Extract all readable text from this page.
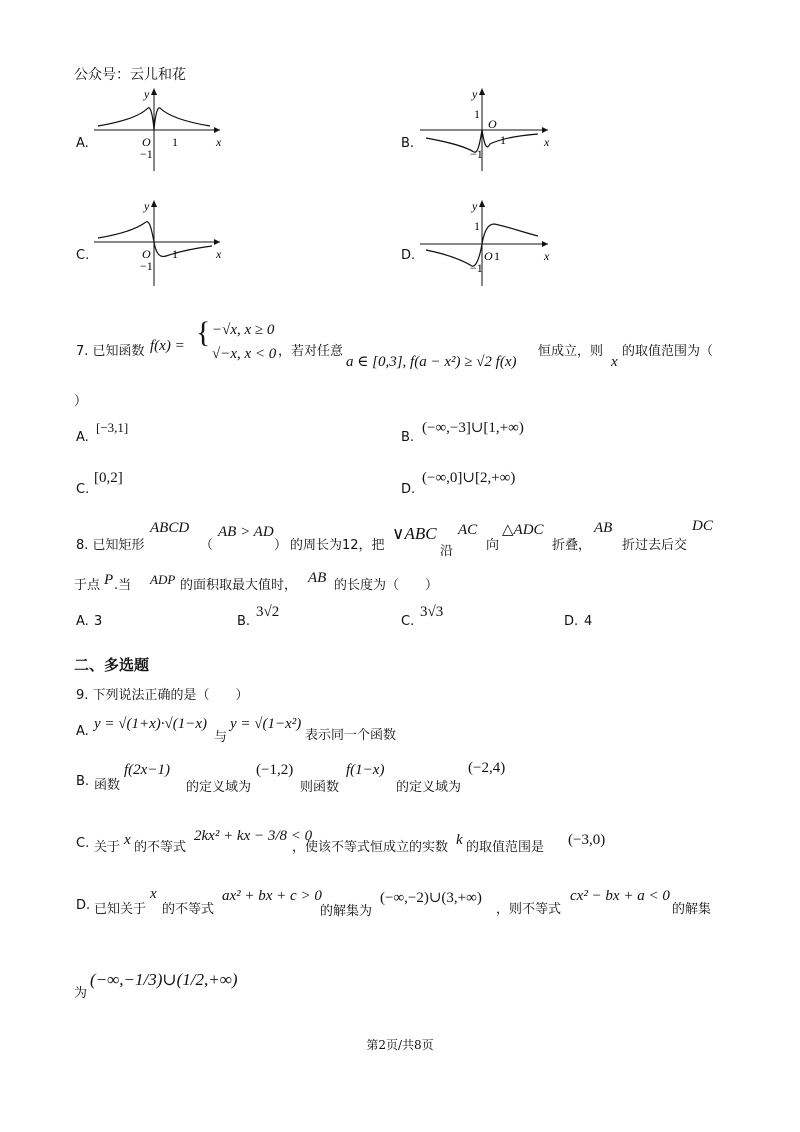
公众号：云儿和花
A.	B.
C.	D.
y
x
O 1
−1
y
x
O
1
1
−1
y
x
O 1
−1
y
x
O 1
1
−1
7. 已知函数 f(x) = { −√x, x ≥ 0
√−x, x < 0 ，若对任意
a ∈ [0,3], f(a − x²) ≥ √2 f(x)
恒成立，则
x
的取值范围为（
）
A.
[−3,1]
B.
(−∞,−3]∪[1,+∞)
C.
[0,2]
D.
(−∞,0]∪[2,+∞)
8. 已知矩形
ABCD
（
AB > AD
） 的周长为12，把
∨ABC
沿
AC
向
△ADC
折叠，
AB
折过去后交
DC
于点 P .当 ADP 的面积取最大值时， AB 的长度为（　　）
A. 3	B.
3√2
C.
3√3
D. 4
二、多选题
9. 下列说法正确的是（　　）
A. y = √(1+x)·√(1−x)
与
y = √(1−x²)
表示同一个函数
B. 函数
f(2x−1)
的定义域为
(−1,2)
则函数
f(1−x)
的定义域为
(−2,4)
C. 关于 x 的不等式
2kx² + kx − 3/8 < 0
，使该不等式恒成立的实数 k 的取值范围是 (−3,0)
D. 已知关于
x
的不等式
ax² + bx + c > 0
的解集为
(−∞,−2)∪(3,+∞)
，则不等式
cx² − bx + a < 0
的解集
为
(−∞,−1/3)∪(1/2,+∞)
第2页/共8页
